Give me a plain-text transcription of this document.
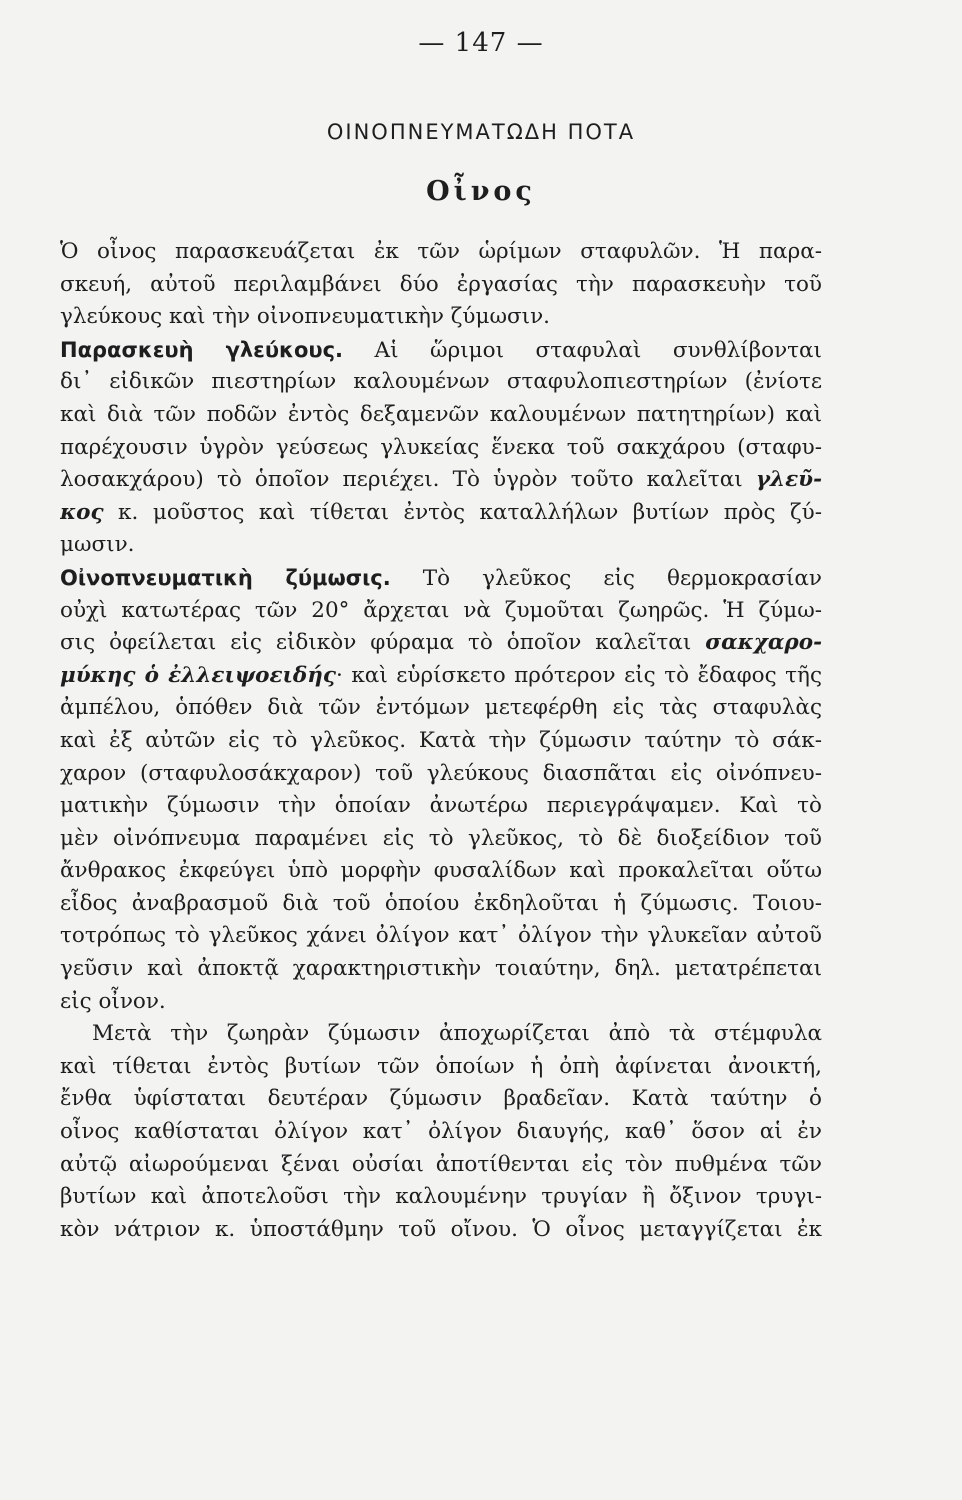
— 147 —
ΟΙΝΟΠΝΕΥΜΑΤΩΔΗ ΠΟΤΑ
Οἶνος
Ὁ οἶνος παρασκευάζεται ἐκ τῶν ὡρίμων σταφυλῶν. Ἡ παρα-
σκευή, αὐτοῦ περιλαμβάνει δύο ἐργασίας τὴν παρασκευὴν τοῦ
γλεύκους καὶ τὴν οἰνοπνευματικὴν ζύμωσιν.
Παρασκευὴ γλεύκους. Αἱ ὥριμοι σταφυλαὶ συνθλίβονται
δι᾿ εἰδικῶν πιεστηρίων καλουμένων σταφυλοπιεστηρίων (ἐνίοτε
καὶ διὰ τῶν ποδῶν ἐντὸς δεξαμενῶν καλουμένων πατητηρίων) καὶ
παρέχουσιν ὑγρὸν γεύσεως γλυκείας ἕνεκα τοῦ σακχάρου (σταφυ-
λοσακχάρου) τὸ ὁποῖον περιέχει. Τὸ ὑγρὸν τοῦτο καλεῖται γλεῦ-
κος κ. μοῦστος καὶ τίθεται ἐντὸς καταλλήλων βυτίων πρὸς ζύ-
μωσιν.
Οἰνοπνευματικὴ ζύμωσις. Τὸ γλεῦκος εἰς θερμοκρασίαν
οὐχὶ κατωτέρας τῶν 20° ἄρχεται νὰ ζυμοῦται ζωηρῶς. Ἡ ζύμω-
σις ὀφείλεται εἰς εἰδικὸν φύραμα τὸ ὁποῖον καλεῖται σακχαρο-
μύκης ὁ ἐλλειψοειδής· καὶ εὑρίσκετο πρότερον εἰς τὸ ἔδαφος τῆς
ἀμπέλου, ὁπόθεν διὰ τῶν ἐντόμων μετεφέρθη εἰς τὰς σταφυλὰς
καὶ ἐξ αὐτῶν εἰς τὸ γλεῦκος. Κατὰ τὴν ζύμωσιν ταύτην τὸ σάκ-
χαρον (σταφυλοσάκχαρον) τοῦ γλεύκους διασπᾶται εἰς οἰνόπνευ-
ματικὴν ζύμωσιν τὴν ὁποίαν ἀνωτέρω περιεγράψαμεν. Καὶ τὸ
μὲν οἰνόπνευμα παραμένει εἰς τὸ γλεῦκος, τὸ δὲ διοξείδιον τοῦ
ἄνθρακος ἐκφεύγει ὑπὸ μορφὴν φυσαλίδων καὶ προκαλεῖται οὕτω
εἶδος ἀναβρασμοῦ διὰ τοῦ ὁποίου ἐκδηλοῦται ἡ ζύμωσις. Τοιου-
τοτρόπως τὸ γλεῦκος χάνει ὀλίγον κατ᾿ ὀλίγον τὴν γλυκεῖαν αὐτοῦ
γεῦσιν καὶ ἀποκτᾷ χαρακτηριστικὴν τοιαύτην, δηλ. μετατρέπεται
εἰς οἶνον.
Μετὰ τὴν ζωηρὰν ζύμωσιν ἀποχωρίζεται ἀπὸ τὰ στέμφυλα
καὶ τίθεται ἐντὸς βυτίων τῶν ὁποίων ἡ ὀπὴ ἀφίνεται ἀνοικτή,
ἔνθα ὑφίσταται δευτέραν ζύμωσιν βραδεῖαν. Κατὰ ταύτην ὁ
οἶνος καθίσταται ὀλίγον κατ᾿ ὀλίγον διαυγής, καθ᾿ ὅσον αἱ ἐν
αὐτῷ αἰωρούμεναι ξέναι οὐσίαι ἀποτίθενται εἰς τὸν πυθμένα τῶν
βυτίων καὶ ἀποτελοῦσι τὴν καλουμένην τρυγίαν ἢ ὄξινον τρυγι-
κὸν νάτριον κ. ὑποστάθμην τοῦ οἴνου. Ὁ οἶνος μεταγγίζεται ἐκ
